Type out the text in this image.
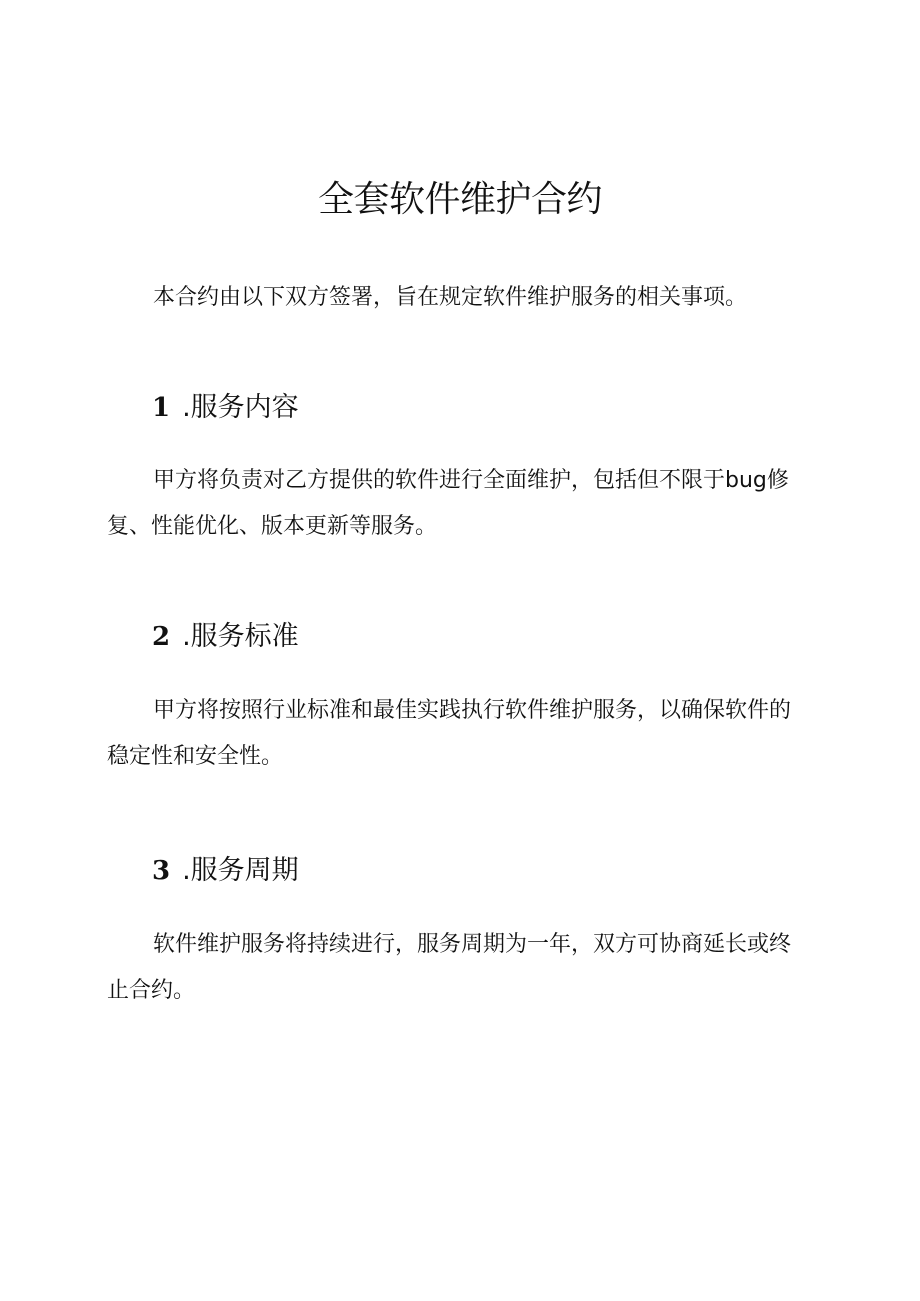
全套软件维护合约
本合约由以下双方签署，旨在规定软件维护服务的相关事项。
1 .服务内容

甲方将负责对乙方提供的软件进行全面维护，包括但不限于bug修复、性能优化、版本更新等服务。

2 .服务标准

甲方将按照行业标准和最佳实践执行软件维护服务，以确保软件的稳定性和安全性。

3 .服务周期

软件维护服务将持续进行，服务周期为一年，双方可协商延长或终止合约。
